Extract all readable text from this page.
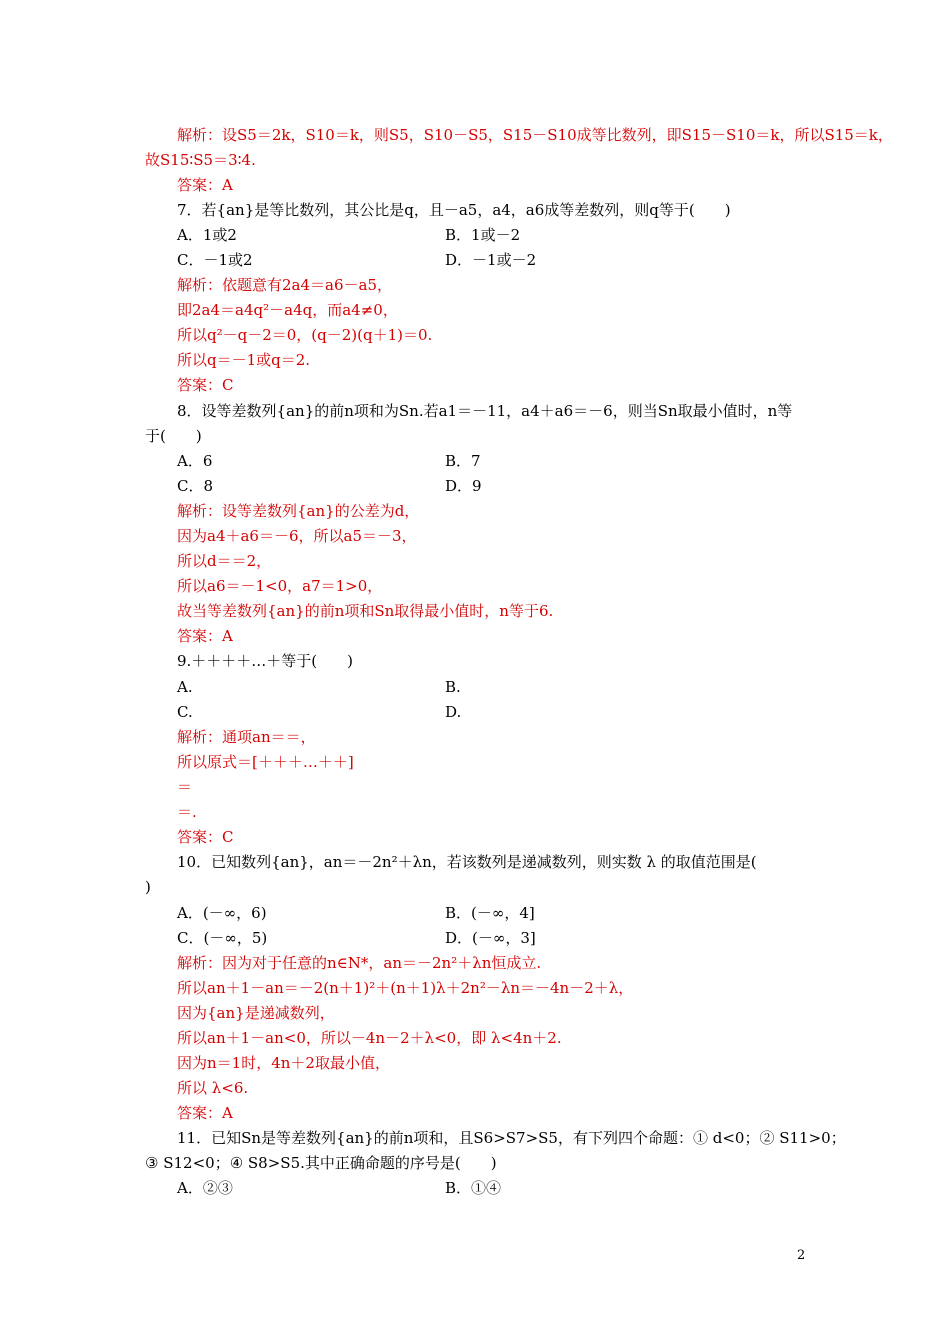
解析：设S5＝2k，S10＝k，则S5，S10－S5，S15－S10成等比数列，即S15－S10＝k，所以S15＝k，
故S15∶S5＝3∶4.
答案：A
7．若{an}是等比数列，其公比是q，且－a5，a4，a6成等差数列，则q等于(　　)
A．1或2	B．1或－2
C．－1或2	D．－1或－2
解析：依题意有2a4＝a6－a5，
即2a4＝a4q²－a4q，而a4≠0，
所以q²－q－2＝0，(q－2)(q＋1)＝0.
所以q＝－1或q＝2.
答案：C
8．设等差数列{an}的前n项和为Sn.若a1＝－11，a4＋a6＝－6，则当Sn取最小值时，n等
于(　　)
A．6	B．7
C．8	D．9
解析：设等差数列{an}的公差为d，
因为a4＋a6＝－6，所以a5＝－3，
所以d＝＝2，
所以a6＝－1<0，a7＝1>0，
故当等差数列{an}的前n项和Sn取得最小值时，n等于6.
答案：A
9.＋＋＋＋…＋等于(　　)
A.	B.
C.	D.
解析：通项an＝＝，
所以原式＝[＋＋＋…＋＋]
＝
＝.
答案：C
10．已知数列{an}，an＝－2n²＋λn，若该数列是递减数列，则实数 λ 的取值范围是(
)
A．(－∞，6)	B．(－∞，4]
C．(－∞，5)	D．(－∞，3]
解析：因为对于任意的n∈N*，an＝－2n²＋λn恒成立.
所以an＋1－an＝－2(n＋1)²＋(n＋1)λ＋2n²－λn＝－4n－2＋λ，
因为{an}是递减数列，
所以an＋1－an<0，所以－4n－2＋λ<0，即 λ<4n＋2.
因为n＝1时，4n＋2取最小值，
所以 λ<6.
答案：A
11．已知Sn是等差数列{an}的前n项和，且S6>S7>S5，有下列四个命题：① d<0；② S11>0；
③ S12<0；④ S8>S5.其中正确命题的序号是(　　)
A．②③	B．①④
2
